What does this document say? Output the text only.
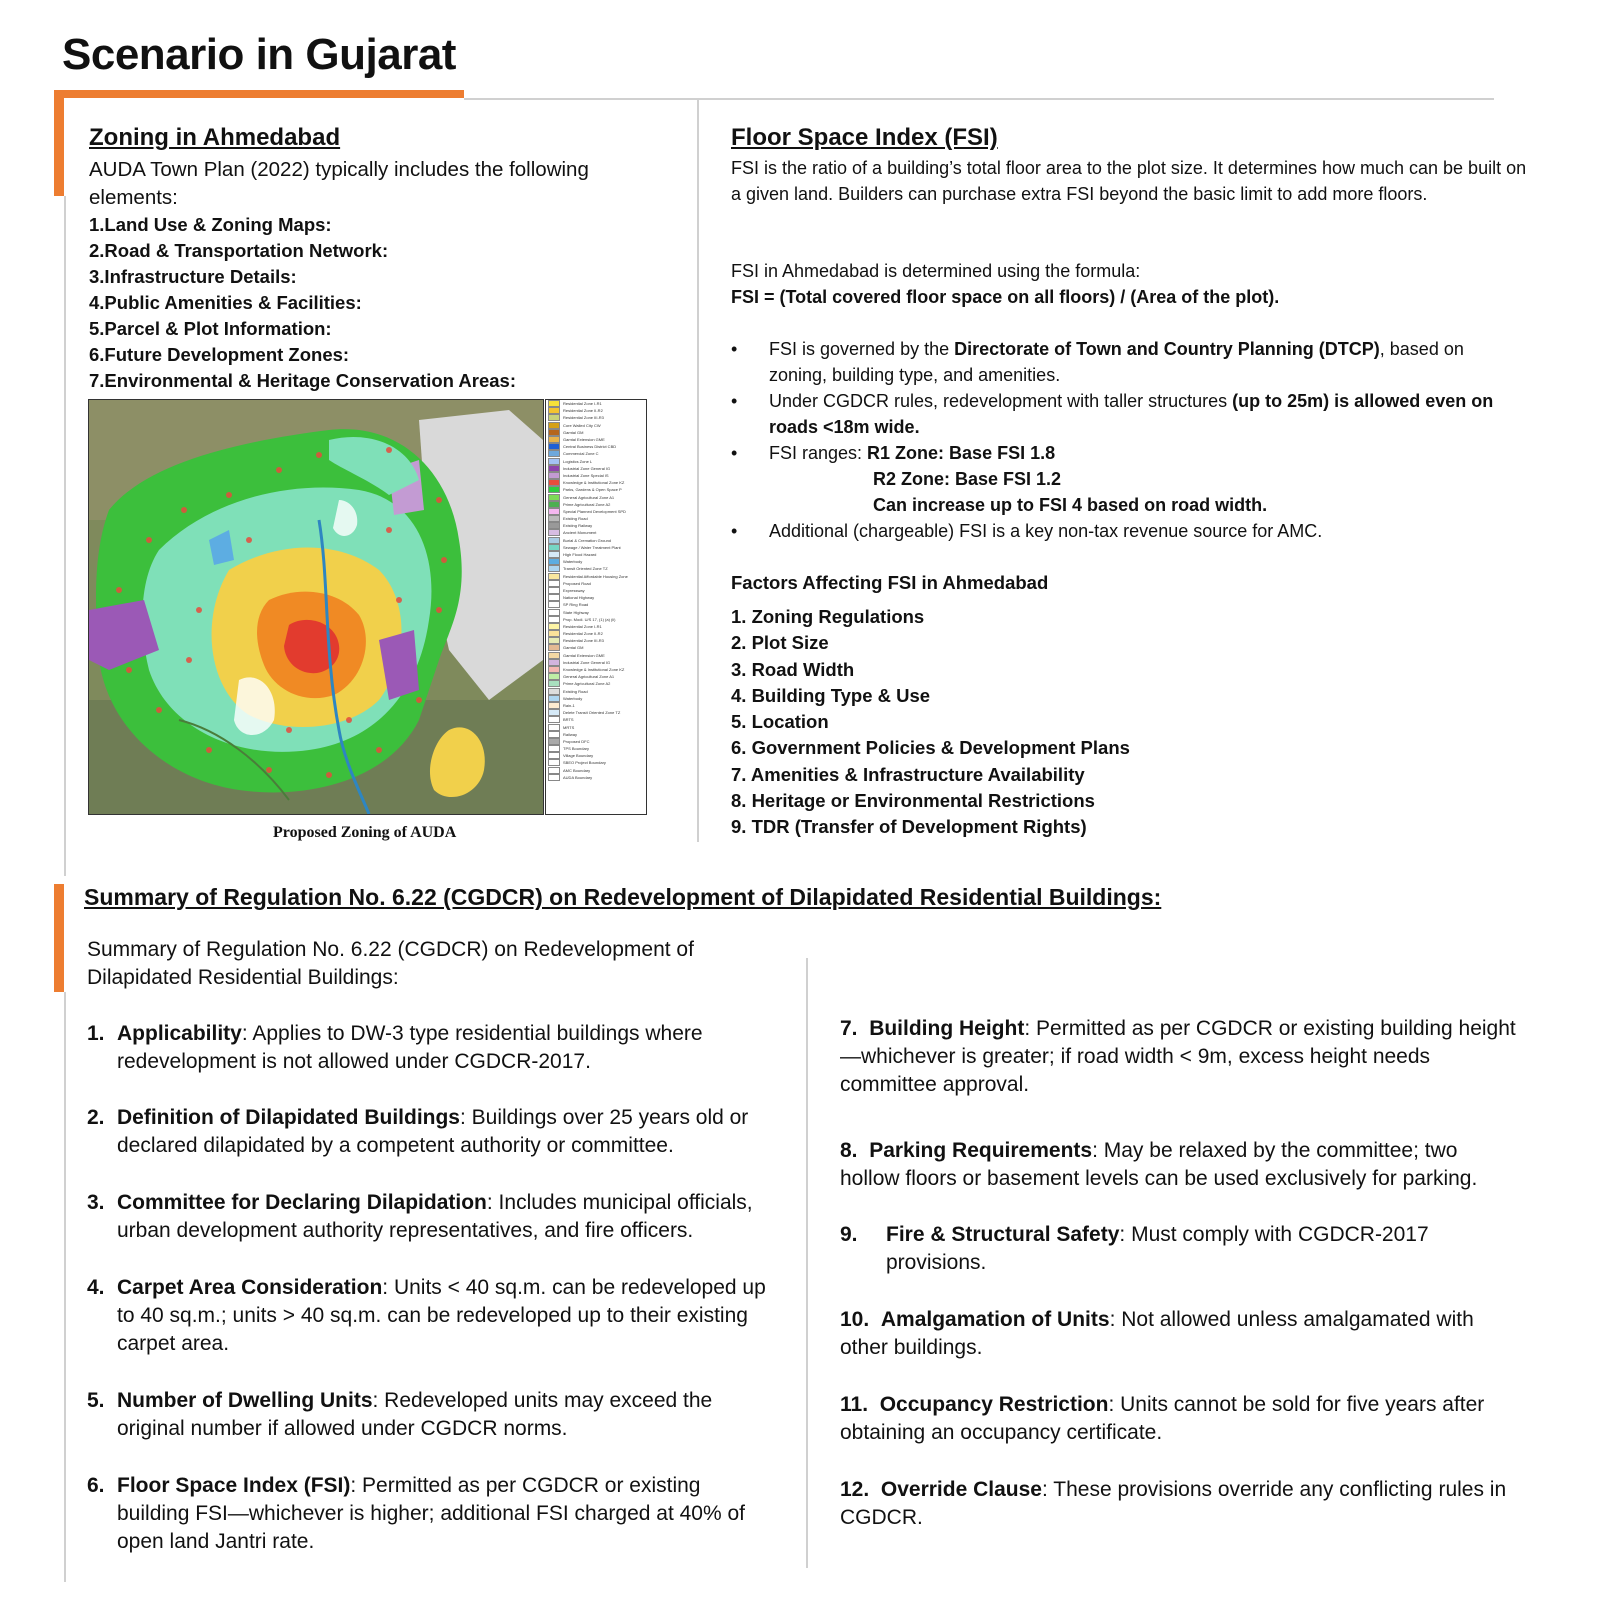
Scenario in Gujarat
Zoning in Ahmedabad
AUDA Town Plan (2022) typically includes the following elements:
1.Land Use & Zoning Maps:
2.Road & Transportation Network:
3.Infrastructure Details:
4.Public Amenities & Facilities:
5.Parcel & Plot Information:
6.Future Development Zones:
7.Environmental & Heritage Conservation Areas:
Residential Zone I-R1
Residential Zone II-R2
Residential Zone III-R3
Core Walled City CW
Gamtal GM
Gamtal Extension GME
Central Business District CBD
Commercial Zone C
Logistics Zone L
Industrial Zone General IG
Industrial Zone Special IS
Knowledge & Institutional Zone KZ
Parks, Gardens & Open Space P
General Agricultural Zone A1
Prime Agricultural Zone A2
Special Planned Development SPD
Existing Road
Existing Railway
Ancient Monument
Burial & Cremation Ground
Sewage / Water Treatment Plant
High Flood Hazard
Waterbody
Transit Oriented Zone TZ
Residential Affordable Housing Zone
Proposed Road
Expressway
National Highway
SP Ring Road
State Highway
Prop. Modi. U/S 17, (1) (a) (ii)
Residential Zone I-R1
Residential Zone II-R2
Residential Zone III-R3
Gamtal GM
Gamtal Extension GME
Industrial Zone General IG
Knowledge & Institutional Zone KZ
General Agricultural Zone A1
Prime Agricultural Zone A2
Existing Road
Waterbody
Rain-1
Delete Transit Oriented Zone TZ
BRTS
MRTS
Railway
Proposed DFC
TPS Boundary
Village Boundary
SBEO Project Boundary
AMC Boundary
AUDA Boundary
Proposed Zoning of AUDA
Floor Space Index (FSI)
FSI is the ratio of a building’s total floor area to the plot size. It determines how much can be built on a given land. Builders can purchase extra FSI beyond the basic limit to add more floors.
FSI in Ahmedabad is determined using the formula:
FSI = (Total covered floor space on all floors) / (Area of the plot).
• FSI is governed by the Directorate of Town and Country Planning (DTCP), based on zoning, building type, and amenities.
• Under CGDCR rules, redevelopment with taller structures (up to 25m) is allowed even on roads <18m wide.
• FSI ranges: R1 Zone: Base FSI 1.8
R2 Zone: Base FSI 1.2
Can increase up to FSI 4 based on road width.
• Additional (chargeable) FSI is a key non-tax revenue source for AMC.
Factors Affecting FSI in Ahmedabad
1. Zoning Regulations
2. Plot Size
3. Road Width
4. Building Type & Use
5. Location
6. Government Policies & Development Plans
7. Amenities & Infrastructure Availability
8. Heritage or Environmental Restrictions
9. TDR (Transfer of Development Rights)
Summary of Regulation No. 6.22 (CGDCR) on Redevelopment of Dilapidated Residential Buildings:
Summary of Regulation No. 6.22 (CGDCR) on Redevelopment of Dilapidated Residential Buildings:
1. Applicability: Applies to DW-3 type residential buildings where redevelopment is not allowed under CGDCR-2017.
2. Definition of Dilapidated Buildings: Buildings over 25 years old or declared dilapidated by a competent authority or committee.
3. Committee for Declaring Dilapidation: Includes municipal officials, urban development authority representatives, and fire officers.
4. Carpet Area Consideration: Units < 40 sq.m. can be redeveloped up to 40 sq.m.; units > 40 sq.m. can be redeveloped up to their existing carpet area.
5. Number of Dwelling Units: Redeveloped units may exceed the original number if allowed under CGDCR norms.
6. Floor Space Index (FSI): Permitted as per CGDCR or existing building FSI—whichever is higher; additional FSI charged at 40% of open land Jantri rate.
7. Building Height: Permitted as per CGDCR or existing building height—whichever is greater; if road width < 9m, excess height needs committee approval.
8. Parking Requirements: May be relaxed by the committee; two hollow floors or basement levels can be used exclusively for parking.
9. Fire & Structural Safety: Must comply with CGDCR-2017 provisions.
10. Amalgamation of Units: Not allowed unless amalgamated with other buildings.
11. Occupancy Restriction: Units cannot be sold for five years after obtaining an occupancy certificate.
12. Override Clause: These provisions override any conflicting rules in CGDCR.
